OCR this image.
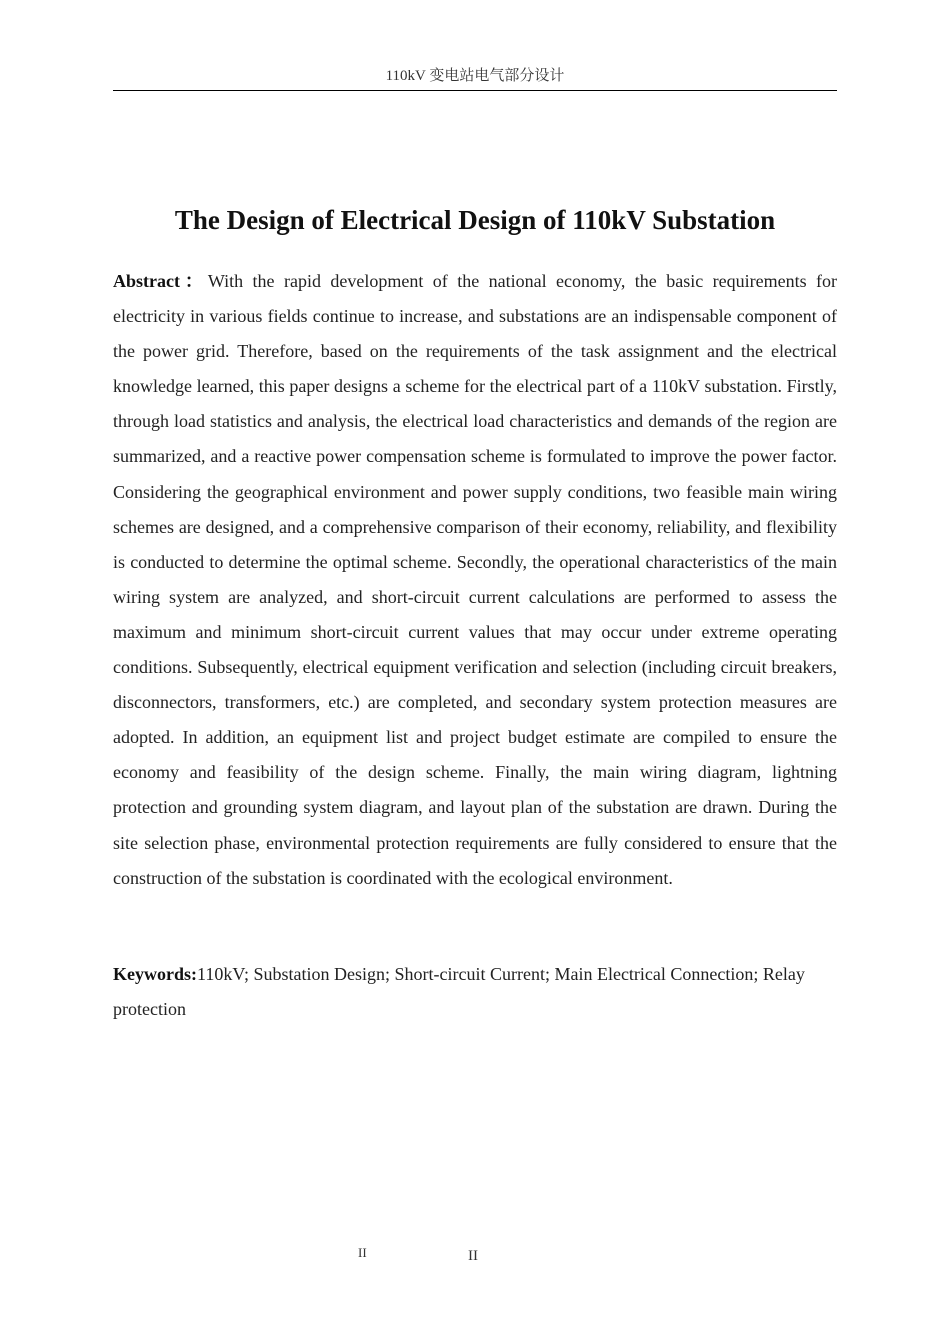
110kV 变电站电气部分设计
The Design of Electrical Design of 110kV Substation
Abstract：With the rapid development of the national economy, the basic requirements for electricity in various fields continue to increase, and substations are an indispensable component of the power grid. Therefore, based on the requirements of the task assignment and the electrical knowledge learned, this paper designs a scheme for the electrical part of a 110kV substation. Firstly, through load statistics and analysis, the electrical load characteristics and demands of the region are summarized, and a reactive power compensation scheme is formulated to improve the power factor. Considering the geographical environment and power supply conditions, two feasible main wiring schemes are designed, and a comprehensive comparison of their economy, reliability, and flexibility is conducted to determine the optimal scheme. Secondly, the operational characteristics of the main wiring system are analyzed, and short-circuit current calculations are performed to assess the maximum and minimum short-circuit current values that may occur under extreme operating conditions. Subsequently, electrical equipment verification and selection (including circuit breakers, disconnectors, transformers, etc.) are completed, and secondary system protection measures are adopted. In addition, an equipment list and project budget estimate are compiled to ensure the economy and feasibility of the design scheme. Finally, the main wiring diagram, lightning protection and grounding system diagram, and layout plan of the substation are drawn. During the site selection phase, environmental protection requirements are fully considered to ensure that the construction of the substation is coordinated with the ecological environment.
Keywords:110kV; Substation Design; Short-circuit Current; Main Electrical Connection; Relay protection
II	II
